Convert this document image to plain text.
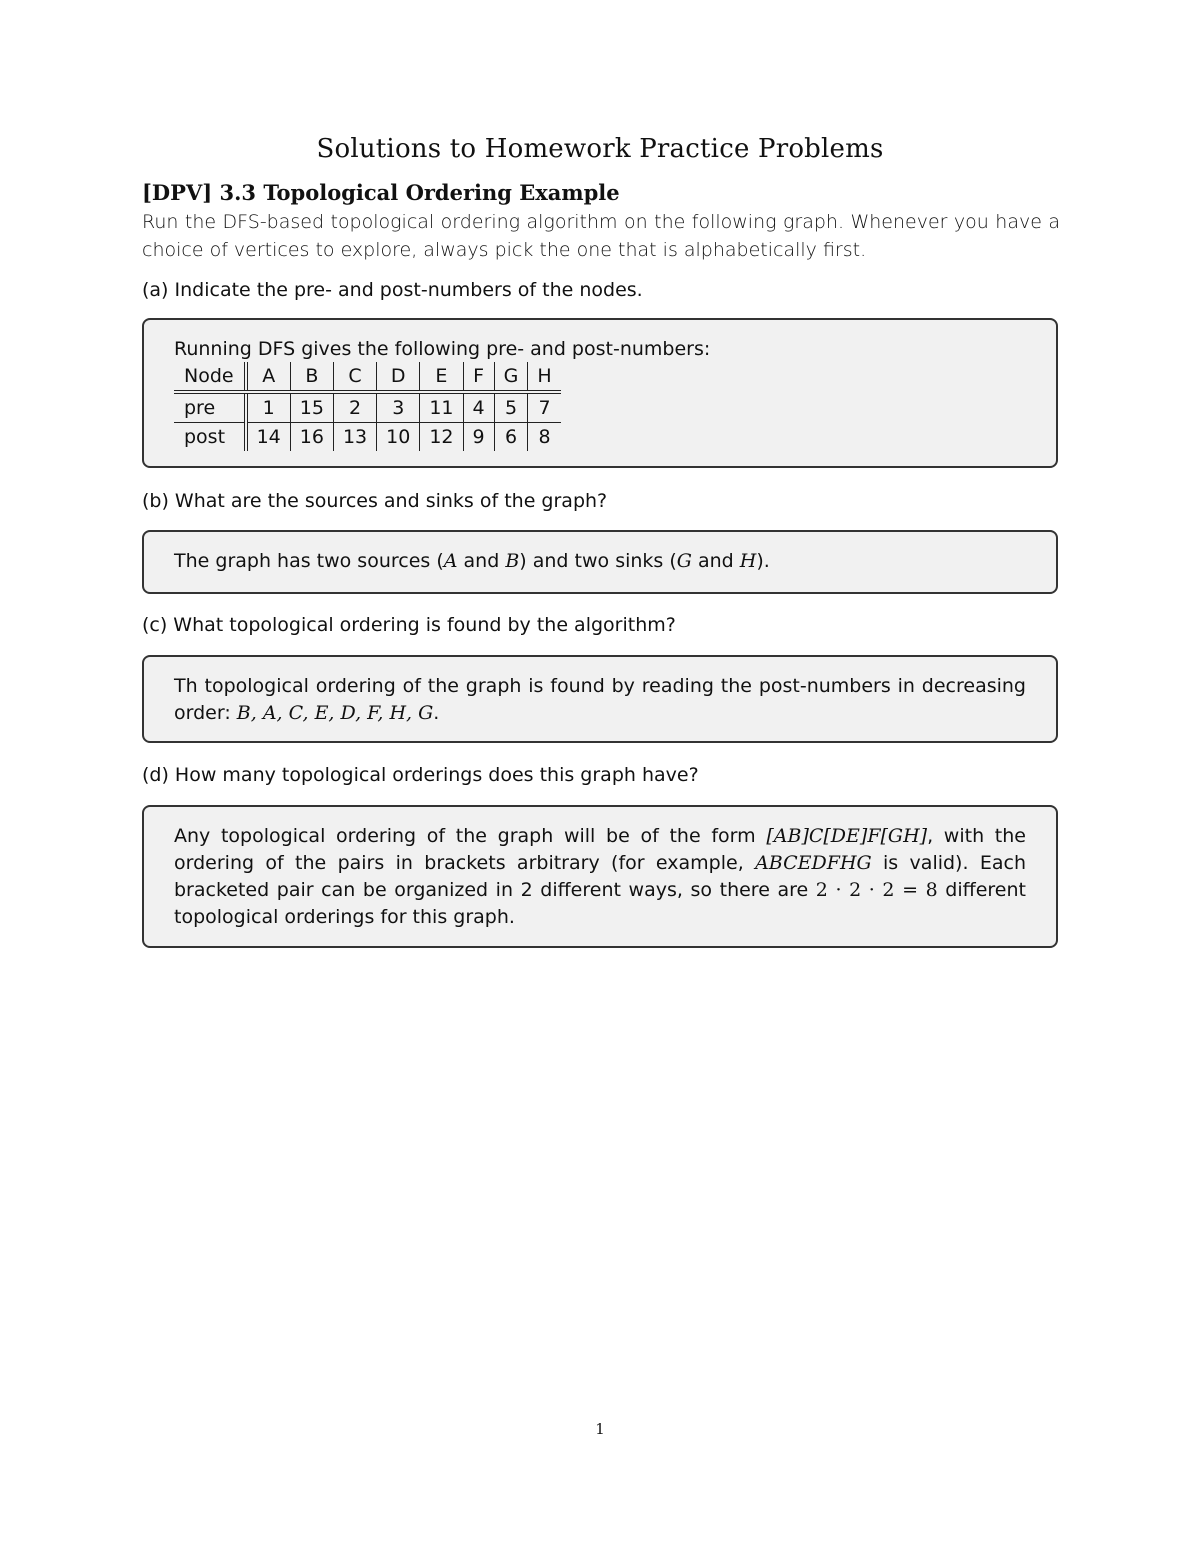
Solutions to Homework Practice Problems
[DPV] 3.3 Topological Ordering Example
Run the DFS-based topological ordering algorithm on the following graph. Whenever you have a choice of vertices to explore, always pick the one that is alphabetically first.
(a) Indicate the pre- and post-numbers of the nodes.
Running DFS gives the following pre- and post-numbers:
Node	A	B	C	D	E	F	G	H
pre	1	15	2	3	11	4	5	7
post	14	16	13	10	12	9	6	8
(b) What are the sources and sinks of the graph?
The graph has two sources (A and B) and two sinks (G and H).
(c) What topological ordering is found by the algorithm?
Th topological ordering of the graph is found by reading the post-numbers in decreasing order: B, A, C, E, D, F, H, G.
(d) How many topological orderings does this graph have?
Any topological ordering of the graph will be of the form [AB]C[DE]F[GH], with the ordering of the pairs in brackets arbitrary (for example, ABCEDFHG is valid). Each bracketed pair can be organized in 2 different ways, so there are 2 · 2 · 2 = 8 different topological orderings for this graph.
1
